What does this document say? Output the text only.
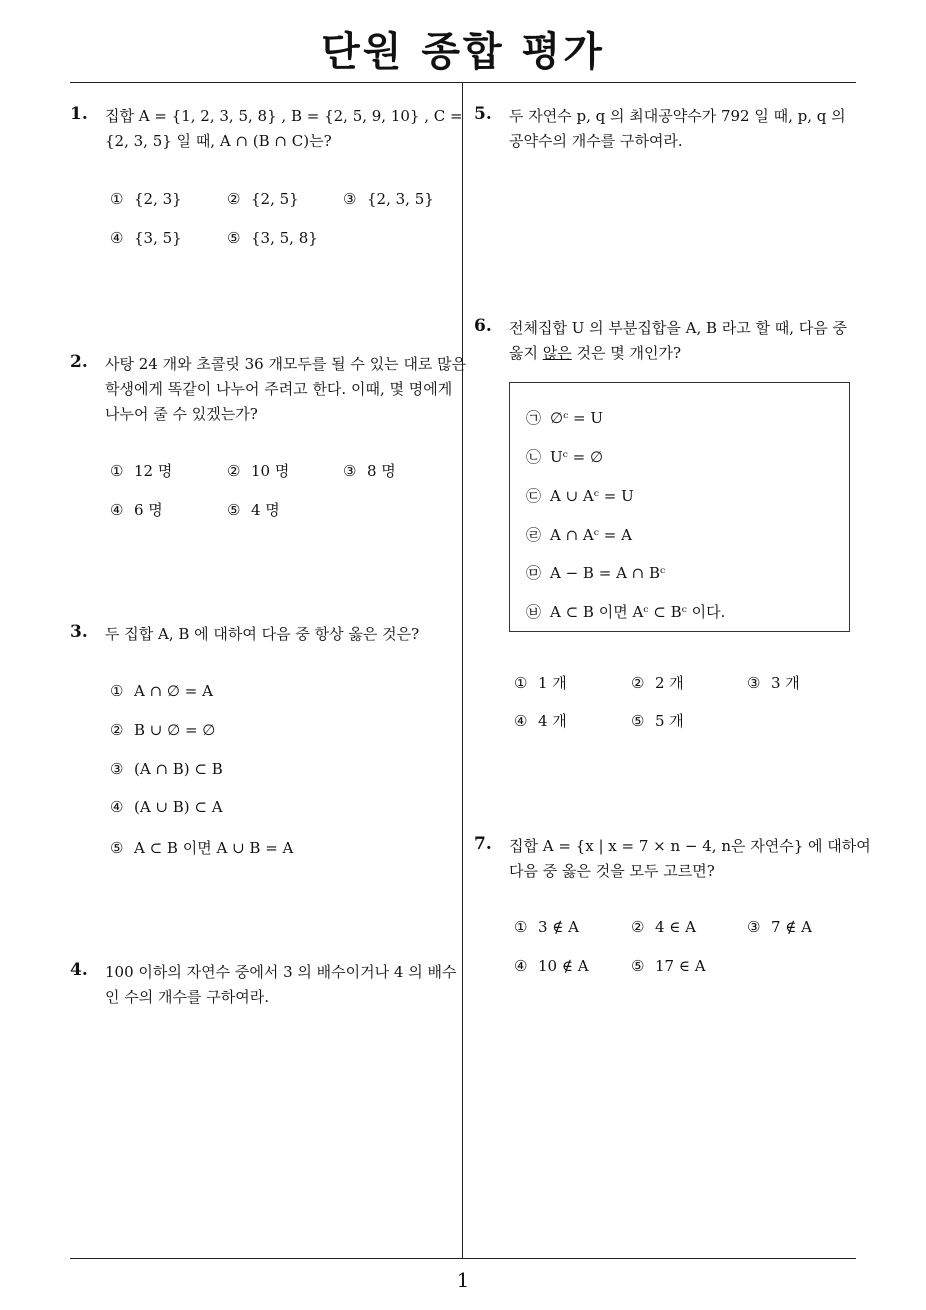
단원 종합 평가
1
1. 집합 A = {1, 2, 3, 5, 8} , B = {2, 5, 9, 10} , C =
{2, 3, 5} 일 때, A ∩ (B ∩ C)는?
① {2, 3}	② {2, 5}	③ {2, 3, 5}
④ {3, 5}	⑤ {3, 5, 8}
2. 사탕 24 개와 초콜릿 36 개모두를 될 수 있는 대로 많은
학생에게 똑같이 나누어 주려고 한다. 이때, 몇 명에게
나누어 줄 수 있겠는가?
① 12 명	② 10 명	③ 8 명
④ 6 명	⑤ 4 명
3. 두 집합 A, B 에 대하여 다음 중 항상 옳은 것은?
① A ∩ ∅ = A
② B ∪ ∅ = ∅
③ (A ∩ B) ⊂ B
④ (A ∪ B) ⊂ A
⑤ A ⊂ B 이면 A ∪ B = A
4. 100 이하의 자연수 중에서 3 의 배수이거나 4 의 배수
인 수의 개수를 구하여라.
5. 두 자연수 p, q 의 최대공약수가 792 일 때, p, q 의
공약수의 개수를 구하여라.
6. 전체집합 U 의 부분집합을 A, B 라고 할 때, 다음 중
옳지 않은 것은 몇 개인가?
㉠ ∅ᶜ = U
㉡ Uᶜ = ∅
㉢ A ∪ Aᶜ = U
㉣ A ∩ Aᶜ = A
㉤ A − B = A ∩ Bᶜ
㉥ A ⊂ B 이면 Aᶜ ⊂ Bᶜ 이다.
① 1 개	② 2 개	③ 3 개
④ 4 개	⑤ 5 개
7. 집합 A = {x | x = 7 × n − 4, n은 자연수} 에 대하여
다음 중 옳은 것을 모두 고르면?
① 3 ∉ A	② 4 ∈ A	③ 7 ∉ A
④ 10 ∉ A	⑤ 17 ∈ A
